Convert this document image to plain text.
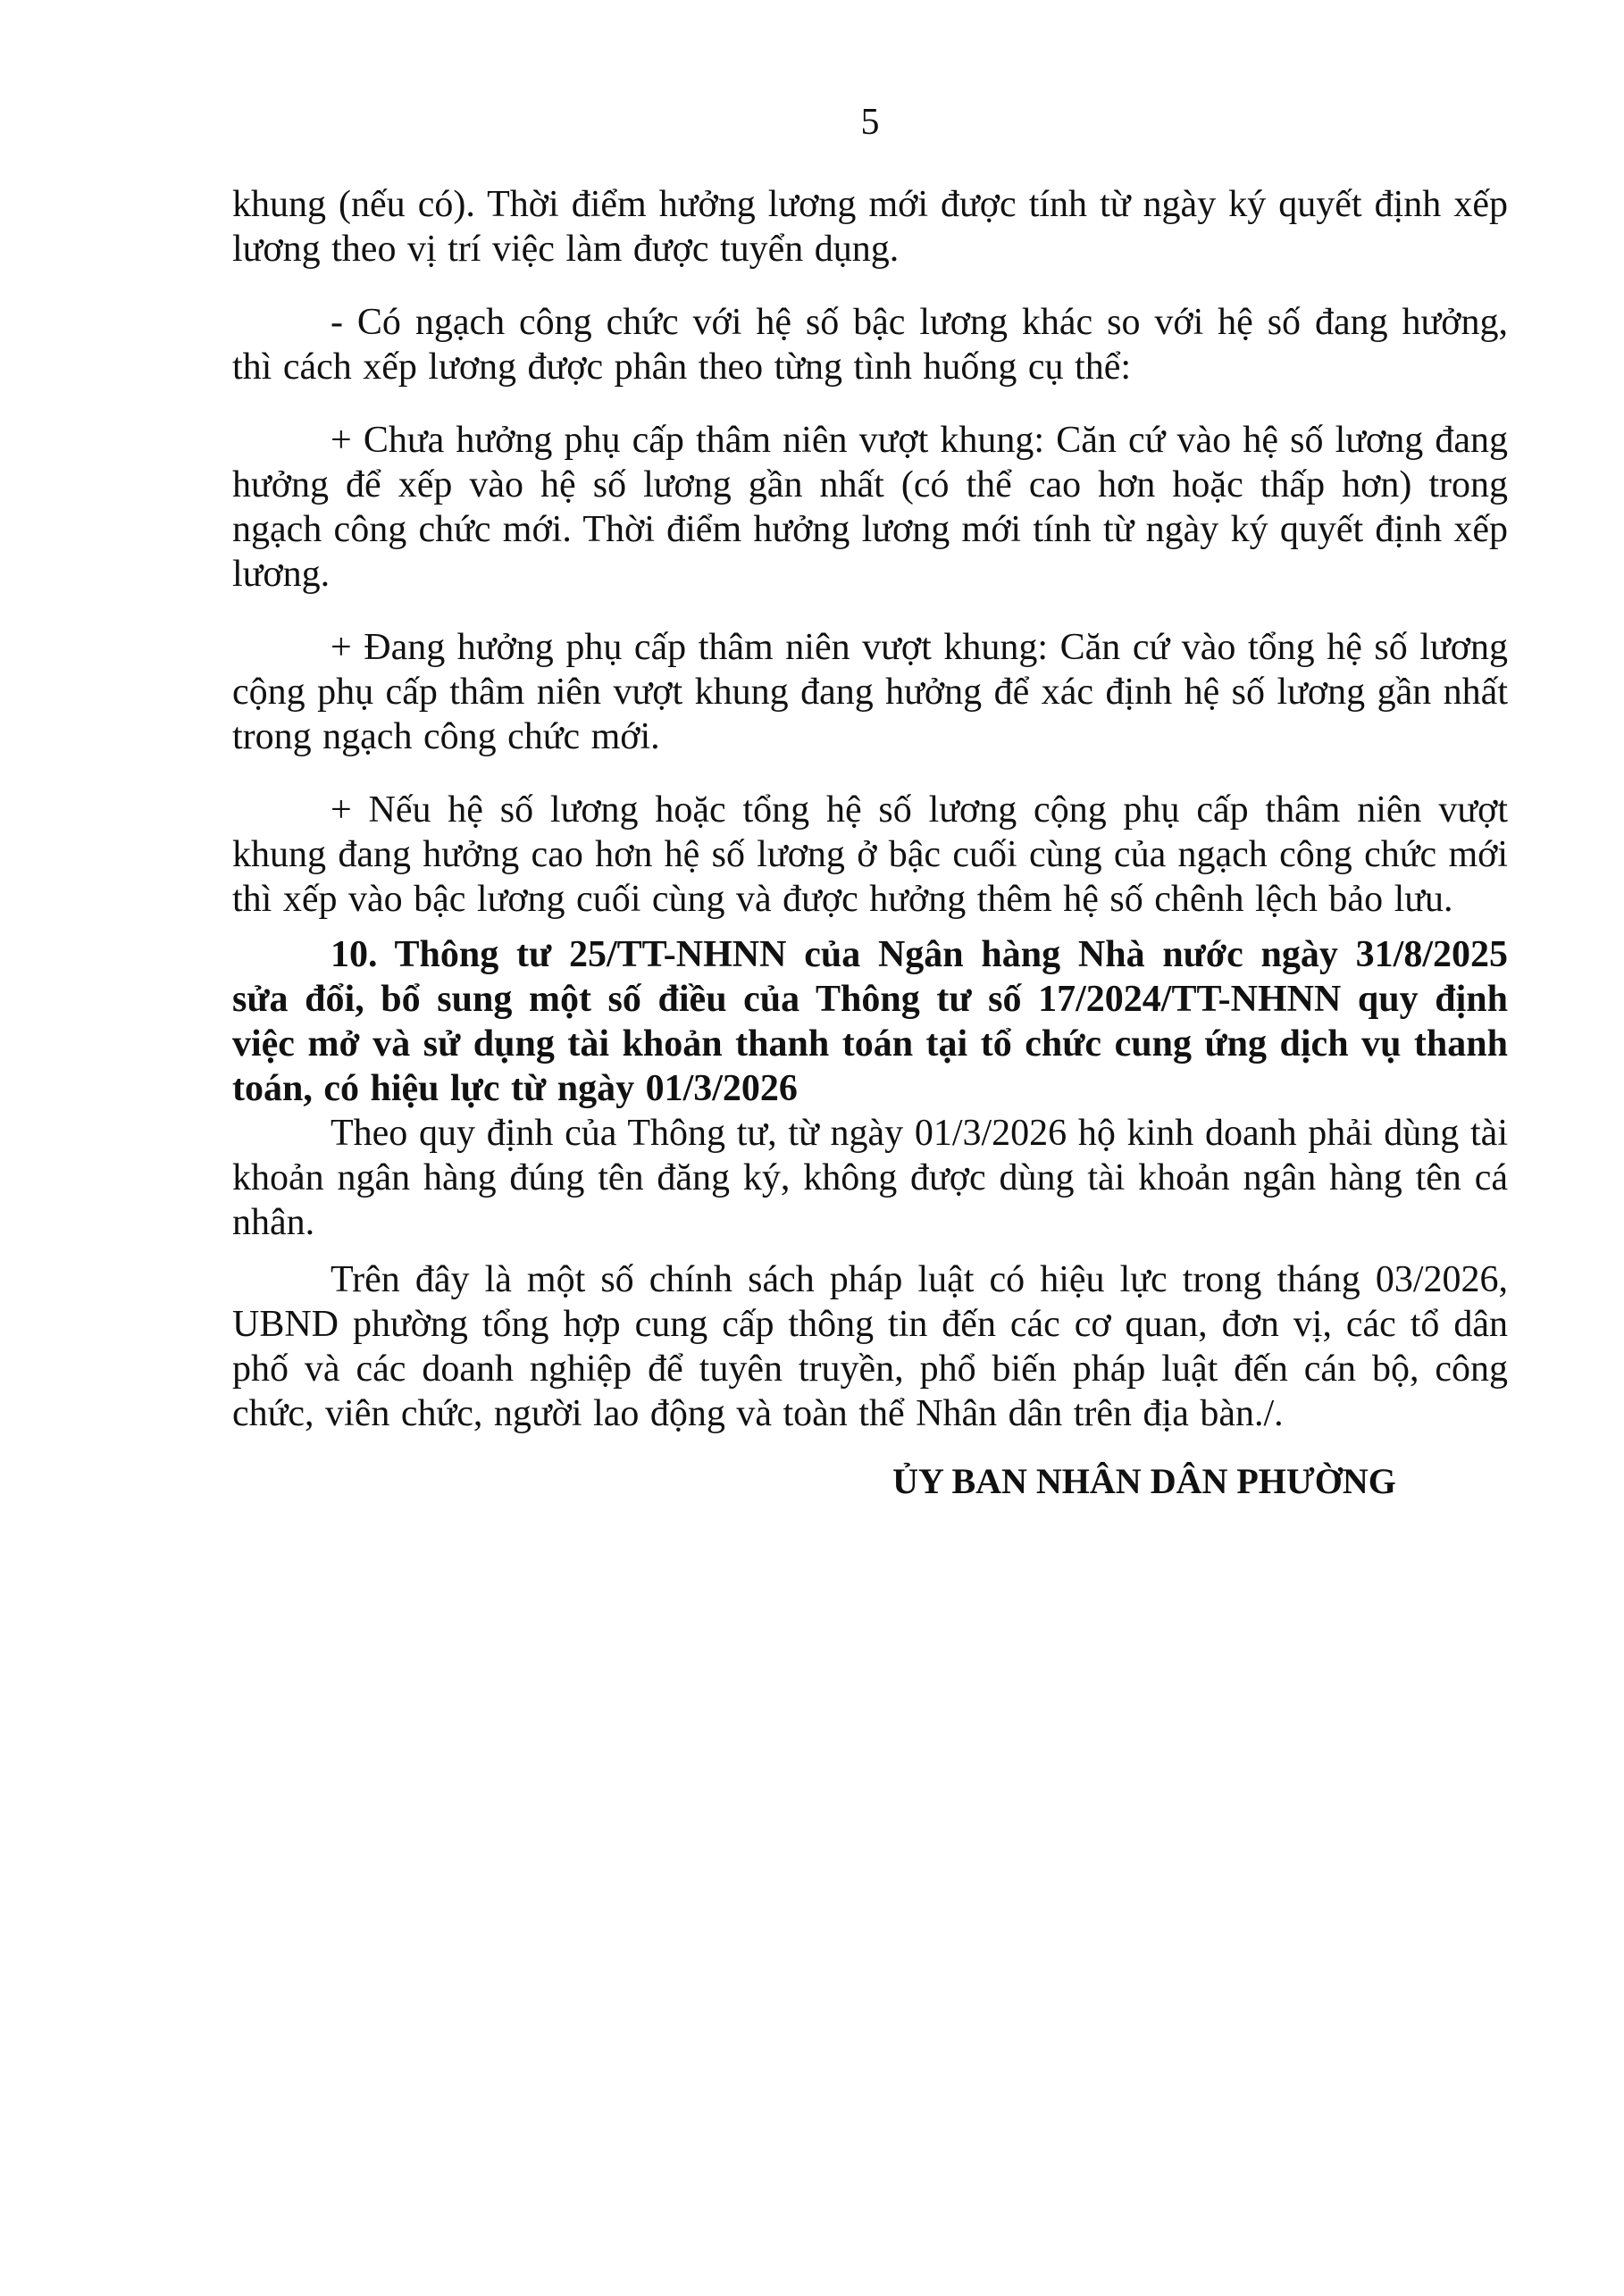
5

khung (nếu có). Thời điểm hưởng lương mới được tính từ ngày ký quyết định xếp lương theo vị trí việc làm được tuyển dụng.

- Có ngạch công chức với hệ số bậc lương khác so với hệ số đang hưởng, thì cách xếp lương được phân theo từng tình huống cụ thể:

+ Chưa hưởng phụ cấp thâm niên vượt khung: Căn cứ vào hệ số lương đang hưởng để xếp vào hệ số lương gần nhất (có thể cao hơn hoặc thấp hơn) trong ngạch công chức mới. Thời điểm hưởng lương mới tính từ ngày ký quyết định xếp lương.

+ Đang hưởng phụ cấp thâm niên vượt khung: Căn cứ vào tổng hệ số lương cộng phụ cấp thâm niên vượt khung đang hưởng để xác định hệ số lương gần nhất trong ngạch công chức mới.

+ Nếu hệ số lương hoặc tổng hệ số lương cộng phụ cấp thâm niên vượt khung đang hưởng cao hơn hệ số lương ở bậc cuối cùng của ngạch công chức mới thì xếp vào bậc lương cuối cùng và được hưởng thêm hệ số chênh lệch bảo lưu.

10. Thông tư 25/TT-NHNN của Ngân hàng Nhà nước ngày 31/8/2025 sửa đổi, bổ sung một số điều của Thông tư số 17/2024/TT-NHNN quy định việc mở và sử dụng tài khoản thanh toán tại tổ chức cung ứng dịch vụ thanh toán, có hiệu lực từ ngày 01/3/2026

Theo quy định của Thông tư, từ ngày 01/3/2026 hộ kinh doanh phải dùng tài khoản ngân hàng đúng tên đăng ký, không được dùng tài khoản ngân hàng tên cá nhân.

Trên đây là một số chính sách pháp luật có hiệu lực trong tháng 03/2026, UBND phường tổng hợp cung cấp thông tin đến các cơ quan, đơn vị, các tổ dân phố và các doanh nghiệp để tuyên truyền, phổ biến pháp luật đến cán bộ, công chức, viên chức, người lao động và toàn thể Nhân dân trên địa bàn./.

ỦY BAN NHÂN DÂN PHƯỜNG
